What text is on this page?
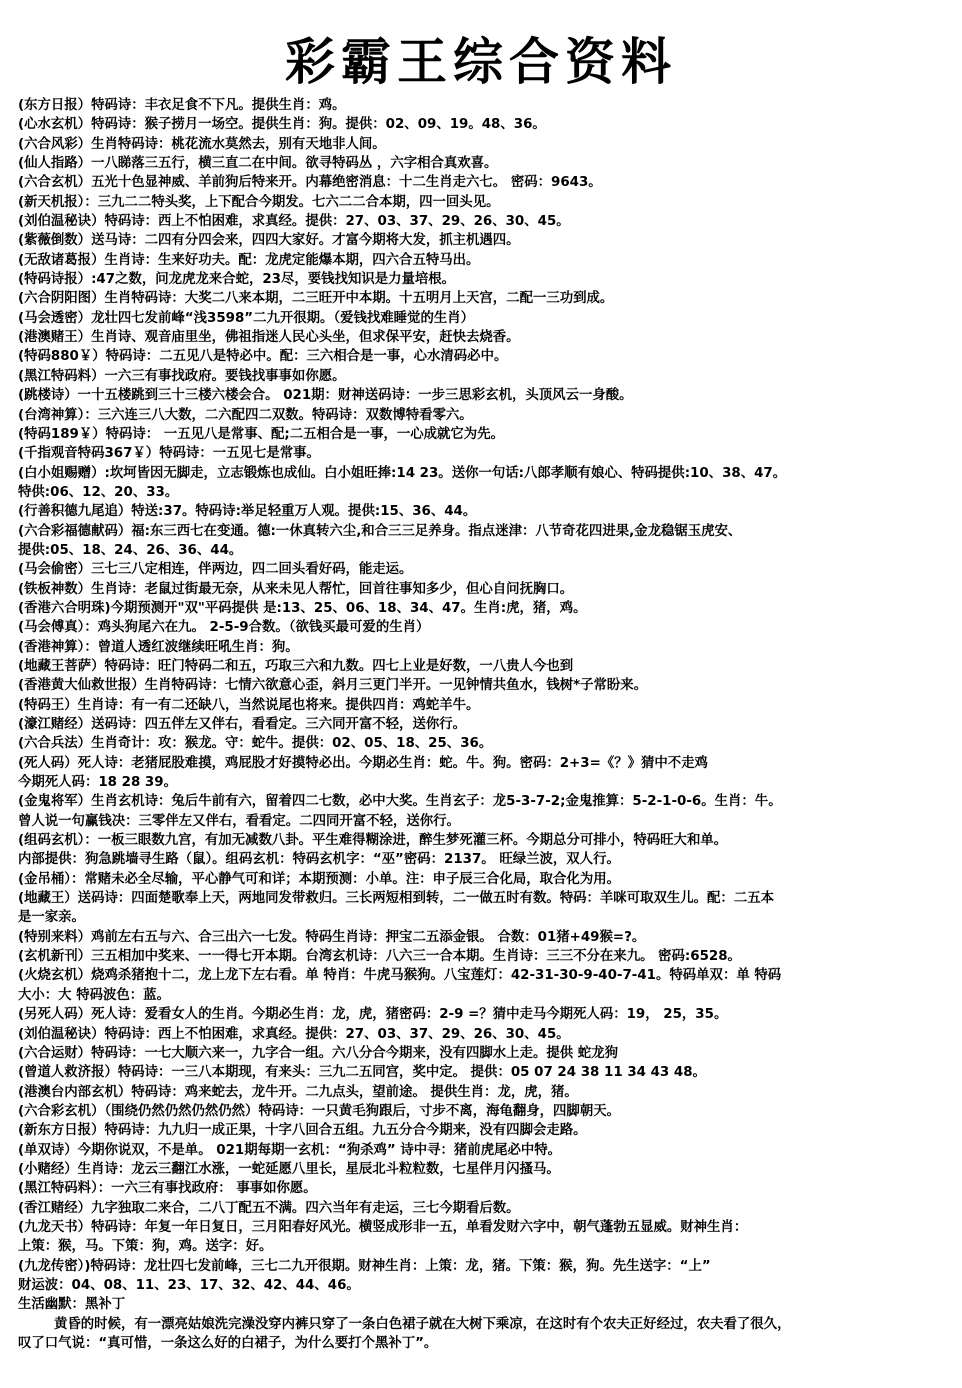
彩霸王综合资料
(东方日报）特码诗：丰衣足食不下凡。提供生肖：鸡。
(心水玄机）特码诗：猴子捞月一场空。提供生肖：狗。提供：02、09、19。48、36。
(六合风彩）生肖特码诗：桃花流水莫然去，别有天地非人间。
(仙人指路）一八睇落三五行，横三直二在中间。欲寻特码丛 ，六字相合真欢喜。
(六合玄机）五光十色显神威、羊前狗后特来开。内幕绝密消息：十二生肖走六七。 密码：9643。
(新天机报）：三九二二特头奖，上下配合今期发。七六二二合本期，四一回头见。
(刘伯温秘诀）特码诗：西上不怕困难，求真经。提供：27、03、37、29、26、30、45。
(紫薇倒数）送马诗：二四有分四会来，四四大家好。才富今期将大发，抓主机遇四。
(无敌诸葛报）生肖诗：生来好功夫。配：龙虎定能爆本期，四六合五特马出。
(特码诗报）:47之数，问龙虎龙来合蛇，23尽，要钱找知识是力量培根。
(六合阴阳图）生肖特码诗：大奖二八来本期，二三旺开中本期。十五明月上天宫，二配一三功到成。
(马会透密）龙壮四七发前峰“浅3598”二九开很期。（爱钱找难睡觉的生肖）
(港澳赌王）生肖诗、观音庙里坐，佛祖指迷人民心头坐，但求保平安，赶快去烧香。
(特码880￥）特码诗：二五见八是特必中。配：三六相合是一事，心水清码必中。
(黑江特码料）一六三有事找政府。要钱找事事如你愿。
(跳楼诗）一十五楼跳到三十三楼六楼会合。 021期：财神送码诗：一步三思彩玄机，头顶风云一身酸。
(台湾神算）：三六连三八大数，二六配四二双数。特码诗：双数博特看零六。
(特码189￥）特码诗： 一五见八是常事、配;二五相合是一事，一心成就它为先。
(千指观音特码367￥）特码诗：一五见七是常事。
(白小姐赐赠）:坎坷皆因无脚走，立志锻炼也成仙。白小姐旺捧:14 23。送你一句话:八郎孝顺有娘心、特码提供:10、38、47。
特供:06、12、20、33。
(行善积德九尾追）特送:37。特码诗:举足轻重万人观。提供:15、36、44。
(六合彩福德献码）福:东三西七在变通。德:一休真转六尘,和合三三足养身。指点迷津：八节奇花四进果,金龙稳锯玉虎安、
提供:05、18、24、26、36、44。
(马会偷密）三七三八定相连，伴两边，四二回头看好码，能走运。
(铁板神数）生肖诗：老鼠过街最无奈，从来未见人帮忙，回首往事知多少，但心自问抚胸口。
(香港六合明珠)今期预测开"双"平码提供 是:13、25、06、18、34、47。生肖:虎，猪，鸡。
(马会傅真）：鸡头狗尾六在九。 2-5-9合数。（欲钱买最可爱的生肖）
(香港神算）：曾道人透红波继续旺吼生肖：狗。
(地藏王菩萨）特码诗：旺门特码二和五，巧取三六和九数。四七上业是好数，一八贵人今也到
(香港黄大仙救世报）生肖特码诗：七情六欲意心歪，斜月三更门半开。一见钟情共鱼水，钱树*子常盼来。
(特码王）生肖诗：有一有二还缺八，当然说尾也将来。提供四肖：鸡蛇羊牛。
(濠江赌经）送码诗：四五伴左又伴右，看看定。三六同开富不轻，送你行。
(六合兵法）生肖奇计：攻：猴龙。守：蛇牛。提供：02、05、18、25、36。
(死人码）死人诗：老猪屁股难摸，鸡屁股才好摸特必出。今期必生肖：蛇。牛。狗。密码：2+3=《？》猜中不走鸡
今期死人码：18 28 39。
(金鬼将军）生肖玄机诗：兔后牛前有六，留着四二七数，必中大奖。生肖玄子：龙5-3-7-2;金鬼推算：5-2-1-0-6。生肖：牛。
曾人说一句赢钱决：三零伴左又伴右，看看定。二四同开富不轻，送你行。
(组码玄机）：一板三眼数九宫，有加无减数八卦。平生难得糊涂进，醉生梦死灌三杯。今期总分可排小，特码旺大和单。
内部提供：狗急跳墙寻生路（鼠）。组码玄机：特码玄机字：“巫”密码：2137。 旺绿兰波，双人行。
(金吊桶）：常赌未必全尽输，平心静气可和详；本期预测：小单。注：申子辰三合化局，取合化为用。
(地藏王）送码诗：四面楚歌奉上天，两地同发带救归。三长两短相到转，二一做五时有数。特码：羊咪可取双生儿。配：二五本
是一家亲。
(特别来料）鸡前左右五与六、合三出六一七发。特码生肖诗：押宝二五添金银。 合数：01猪+49猴=?。
(玄机新刊）三五相加中奖来、一一得七开本期。台湾玄机诗：八六三一合本期。生肖诗：三三不分在来九。 密码:6528。
(火烧玄机）烧鸡杀猪抱十二，龙上龙下左右看。单 特肖：牛虎马猴狗。八宝莲灯：42-31-30-9-40-7-41。特码单双：单 特码
大小：大 特码波色：蓝。
(另死人码）死人诗：爱看女人的生肖。今期必生肖：龙，虎，猪密码：2-9 =？猜中走马今期死人码：19， 25，35。
(刘伯温秘诀）特码诗：西上不怕困难，求真经。提供：27、03、37、29、26、30、45。
(六合运财）特码诗：一七大顺六来一，九字合一组。六八分合今期来，没有四脚水上走。提供 蛇龙狗
(曾道人救济报）特码诗：一三八本期现，有来头：三九二五同宫，奖中定。 提供：05 07 24 38 11 34 43 48。
(港澳台内部玄机）特码诗：鸡来蛇去，龙牛开。二九点头，望前途。 提供生肖：龙，虎，猪。
(六合彩玄机）（围绕仍然仍然仍然仍然）特码诗：一只黄毛狗跟后，寸步不离，海龟翻身，四脚朝天。
(新东方日报）特码诗：九九归一成正果，十字八回合五组。九五分合今期来，没有四脚会走路。
(单双诗）今期你说双，不是单。 021期每期一玄机：“狗杀鸡” 诗中寻：猪前虎尾必中特。
(小赌经）生肖诗：龙云三翻江水涨，一蛇延愿八里长，星辰北斗粒粒数，七星伴月闪搔马。
(黑江特码料）：一六三有事找政府： 事事如你愿。
(香江赌经）九字独取二来合，二八丁配五不满。四六当年有走运，三七今期看后数。
(九龙天书）特码诗：年复一年日复日，三月阳春好风光。横竖成形非一五，单看发财六字中，朝气蓬勃五显威。财神生肖：
上策：猴，马。下策：狗，鸡。送字：好。
(九龙传密）)特码诗：龙壮四七发前峰，三七二九开很期。财神生肖：上策：龙，猪。下策：猴，狗。先生送字：“上”
财运波：04、08、11、23、17、32、42、44、46。
生活幽默：黑补丁
黄昏的时候，有一漂亮姑娘洗完澡没穿内裤只穿了一条白色裙子就在大树下乘凉，在这时有个农夫正好经过，农夫看了很久，
叹了口气说：“真可惜，一条这么好的白裙子，为什么要打个黑补丁”。
